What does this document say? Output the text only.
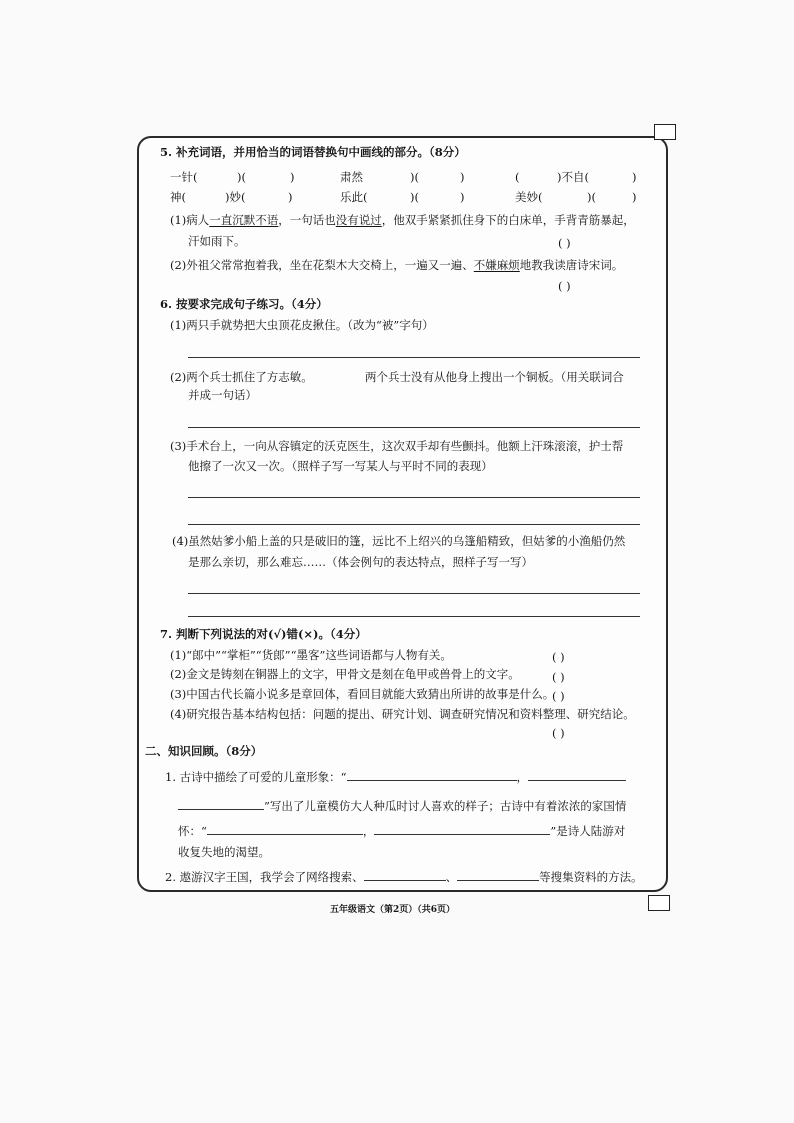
5. 补充词语，并用恰当的词语替换句中画线的部分。（8分）
一针(	)(	)	肃然	)(	)	(	)不自(	)
神(	)妙(	)	乐此(	)(	)	美妙(	)(	)
(1)病人一直沉默不语，一句话也没有说过，他双手紧紧抓住身下的白床单，手背青筋暴起，
汗如雨下。	( )
(2)外祖父常常抱着我，坐在花梨木大交椅上，一遍又一遍、不嫌麻烦地教我读唐诗宋词。
( )
6. 按要求完成句子练习。（4分）
(1)两只手就势把大虫顶花皮揪住。（改为“被”字句）
(2)两个兵士抓住了方志敏。	两个兵士没有从他身上搜出一个铜板。（用关联词合
并成一句话）
(3)手术台上，一向从容镇定的沃克医生，这次双手却有些颤抖。他额上汗珠滚滚，护士帮
他擦了一次又一次。（照样子写一写某人与平时不同的表现）
(4)虽然姑爹小船上盖的只是破旧的篷，远比不上绍兴的乌篷船精致，但姑爹的小渔船仍然
是那么亲切，那么难忘……（体会例句的表达特点，照样子写一写）
7. 判断下列说法的对(√)错(×)。（4分）
(1)“郎中”“掌柜”“货郎”“墨客”这些词语都与人物有关。	( )
(2)金文是铸刻在铜器上的文字，甲骨文是刻在龟甲或兽骨上的文字。	( )
(3)中国古代长篇小说多是章回体，看回目就能大致猜出所讲的故事是什么。
( )
(4)研究报告基本结构包括：问题的提出、研究计划、调查研究情况和资料整理、研究结论。
( )
二、知识回顾。（8分）
1. 古诗中描绘了可爱的儿童形象：“	，
”写出了儿童模仿大人种瓜时讨人喜欢的样子；古诗中有着浓浓的家国情
怀：“	，	”是诗人陆游对
收复失地的渴望。
2. 遨游汉字王国，我学会了网络搜索、	、	等搜集资料的方法。
五年级语文（第2页）（共6页）
